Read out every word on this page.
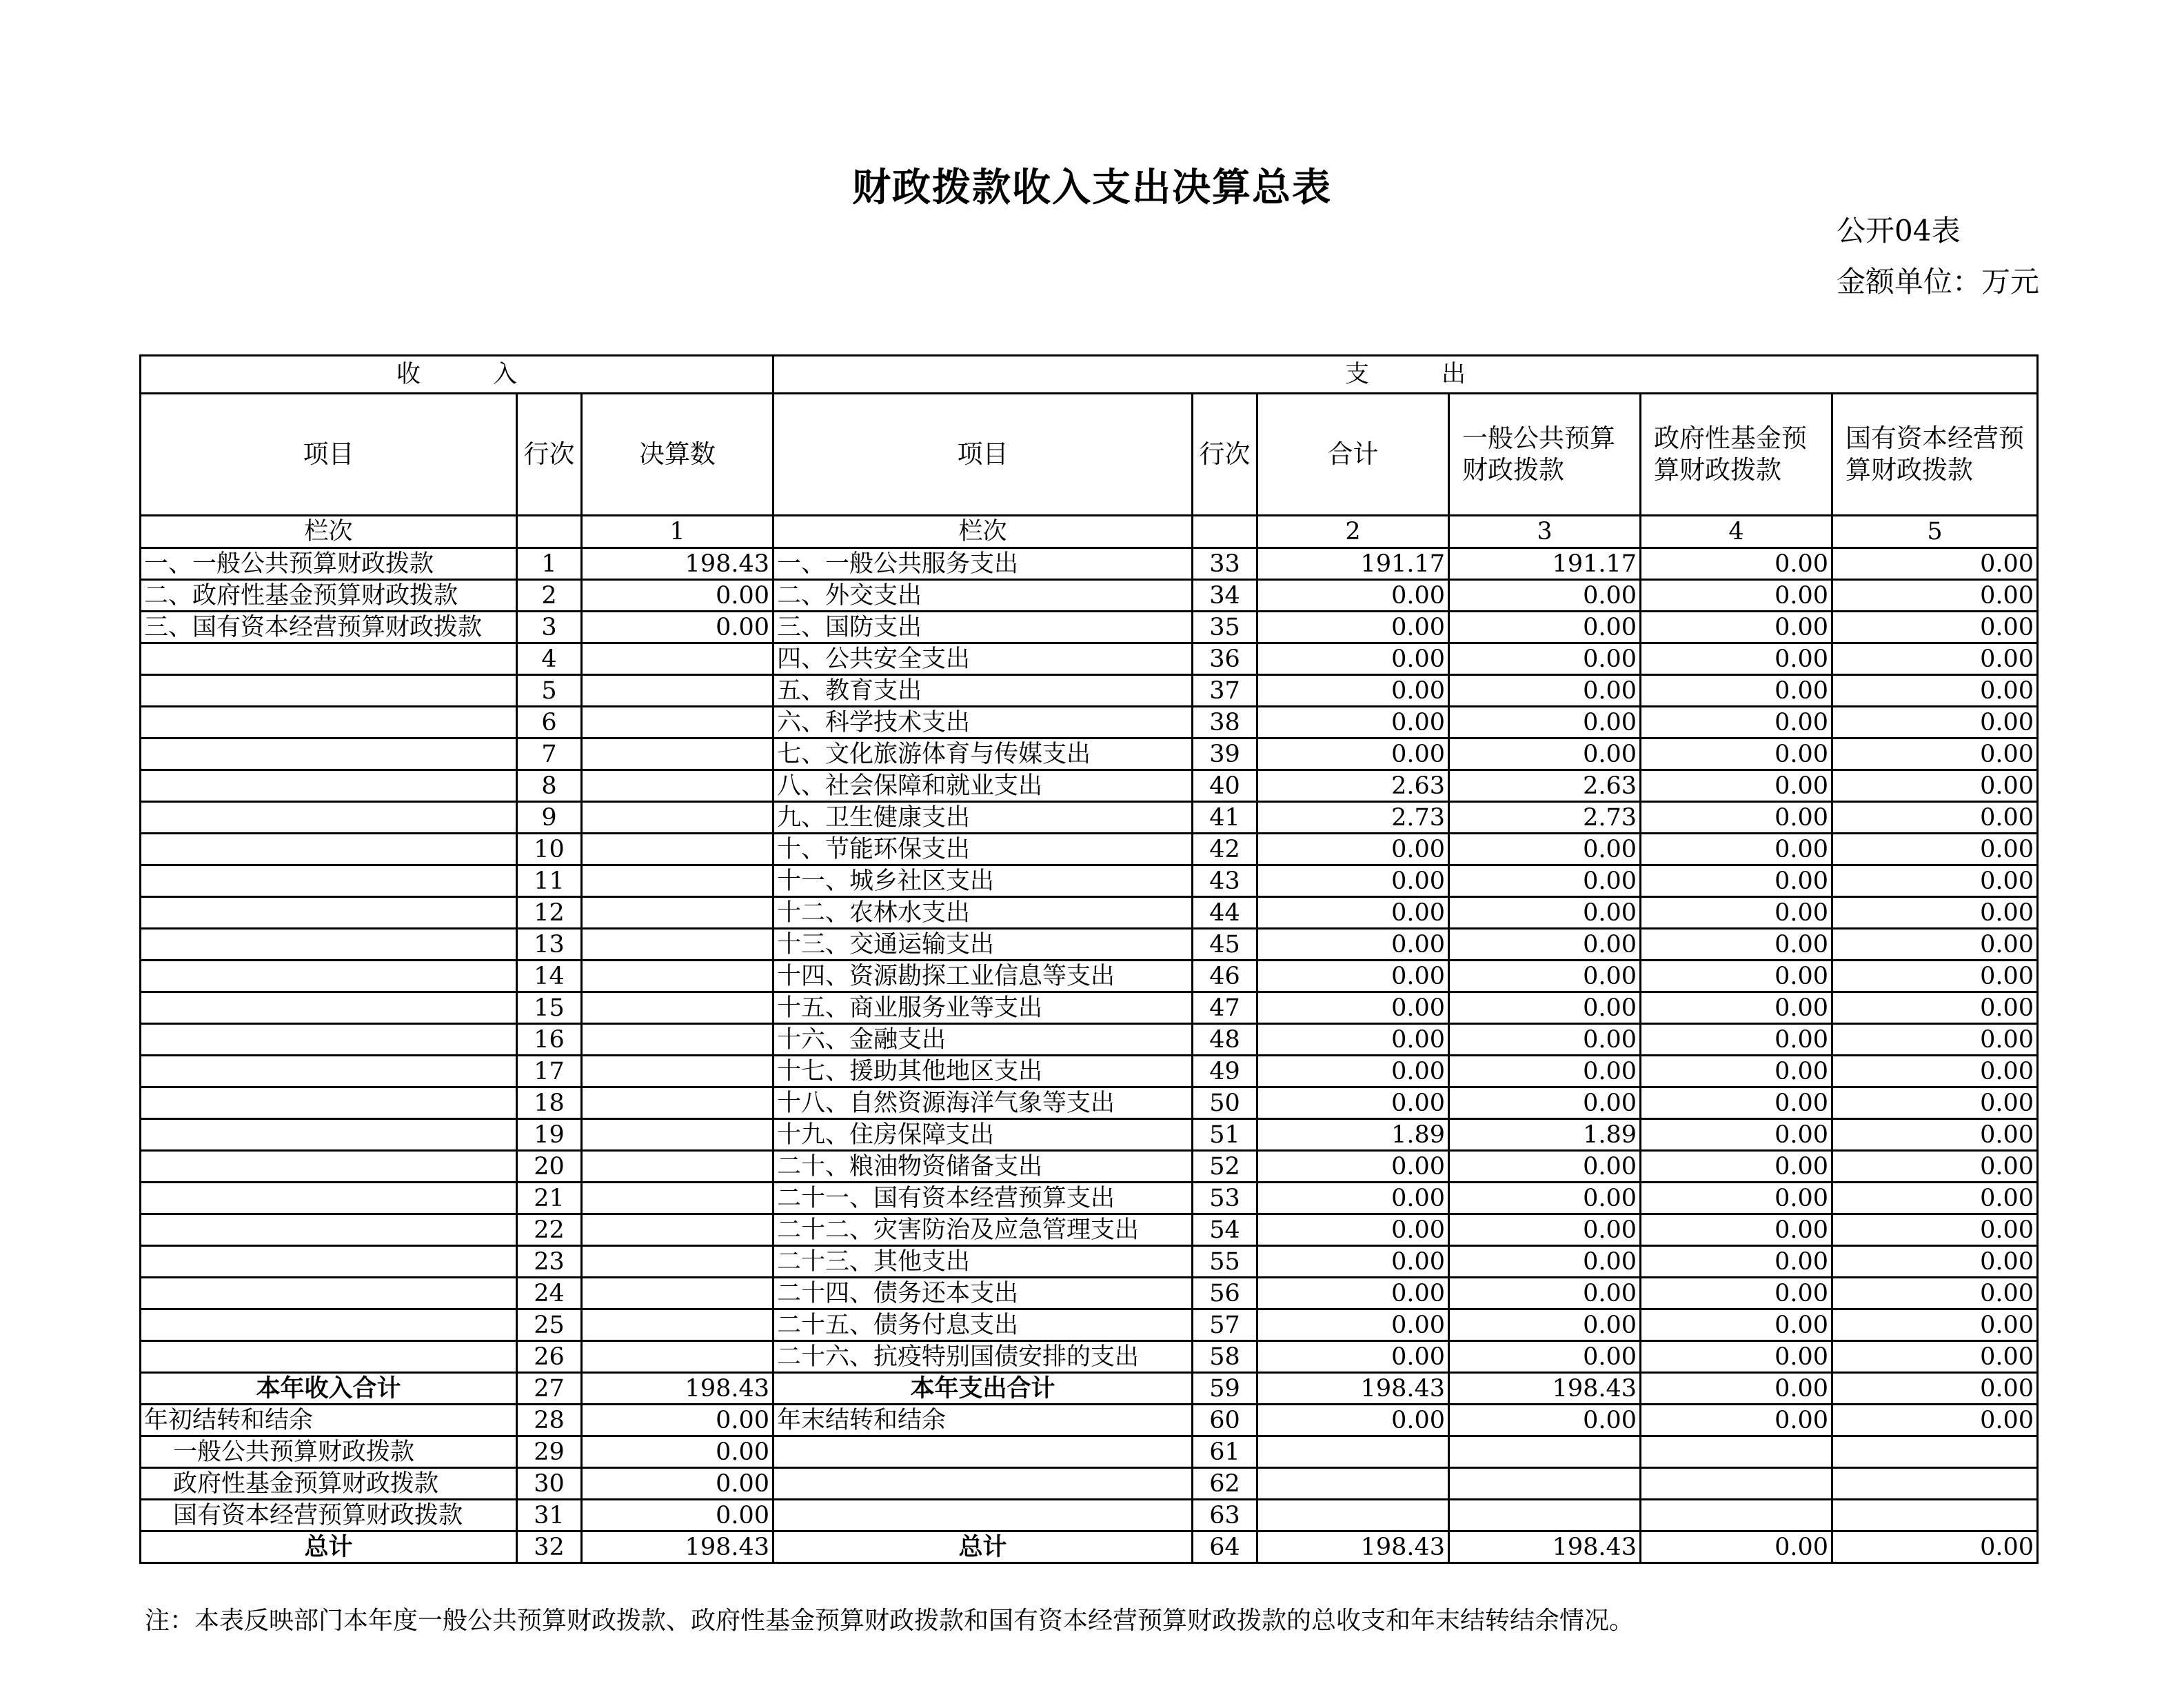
财政拨款收入支出决算总表
公开04表
金额单位：万元
收　　　入			支　　　出					
项目	行次	决算数	项目	行次	合计	一般公共预算 财政拨款	政府性基金预 算财政拨款	国有资本经营预 算财政拨款
栏次		1	栏次		2	3	4	5
一、一般公共预算财政拨款	1	198.43	一、一般公共服务支出	33	191.17	191.17	0.00	0.00
二、政府性基金预算财政拨款	2	0.00	二、外交支出	34	0.00	0.00	0.00	0.00
三、国有资本经营预算财政拨款	3	0.00	三、国防支出	35	0.00	0.00	0.00	0.00
	4		四、公共安全支出	36	0.00	0.00	0.00	0.00
	5		五、教育支出	37	0.00	0.00	0.00	0.00
	6		六、科学技术支出	38	0.00	0.00	0.00	0.00
	7		七、文化旅游体育与传媒支出	39	0.00	0.00	0.00	0.00
	8		八、社会保障和就业支出	40	2.63	2.63	0.00	0.00
	9		九、卫生健康支出	41	2.73	2.73	0.00	0.00
	10		十、节能环保支出	42	0.00	0.00	0.00	0.00
	11		十一、城乡社区支出	43	0.00	0.00	0.00	0.00
	12		十二、农林水支出	44	0.00	0.00	0.00	0.00
	13		十三、交通运输支出	45	0.00	0.00	0.00	0.00
	14		十四、资源勘探工业信息等支出	46	0.00	0.00	0.00	0.00
	15		十五、商业服务业等支出	47	0.00	0.00	0.00	0.00
	16		十六、金融支出	48	0.00	0.00	0.00	0.00
	17		十七、援助其他地区支出	49	0.00	0.00	0.00	0.00
	18		十八、自然资源海洋气象等支出	50	0.00	0.00	0.00	0.00
	19		十九、住房保障支出	51	1.89	1.89	0.00	0.00
	20		二十、粮油物资储备支出	52	0.00	0.00	0.00	0.00
	21		二十一、国有资本经营预算支出	53	0.00	0.00	0.00	0.00
	22		二十二、灾害防治及应急管理支出	54	0.00	0.00	0.00	0.00
	23		二十三、其他支出	55	0.00	0.00	0.00	0.00
	24		二十四、债务还本支出	56	0.00	0.00	0.00	0.00
	25		二十五、债务付息支出	57	0.00	0.00	0.00	0.00
	26		二十六、抗疫特别国债安排的支出	58	0.00	0.00	0.00	0.00
本年收入合计	27	198.43	本年支出合计	59	198.43	198.43	0.00	0.00
年初结转和结余	28	0.00	年末结转和结余	60	0.00	0.00	0.00	0.00
一般公共预算财政拨款	29	0.00		61				
政府性基金预算财政拨款	30	0.00		62				
国有资本经营预算财政拨款	31	0.00		63				
总计	32	198.43	总计	64	198.43	198.43	0.00	0.00
注：本表反映部门本年度一般公共预算财政拨款、政府性基金预算财政拨款和国有资本经营预算财政拨款的总收支和年末结转结余情况。
